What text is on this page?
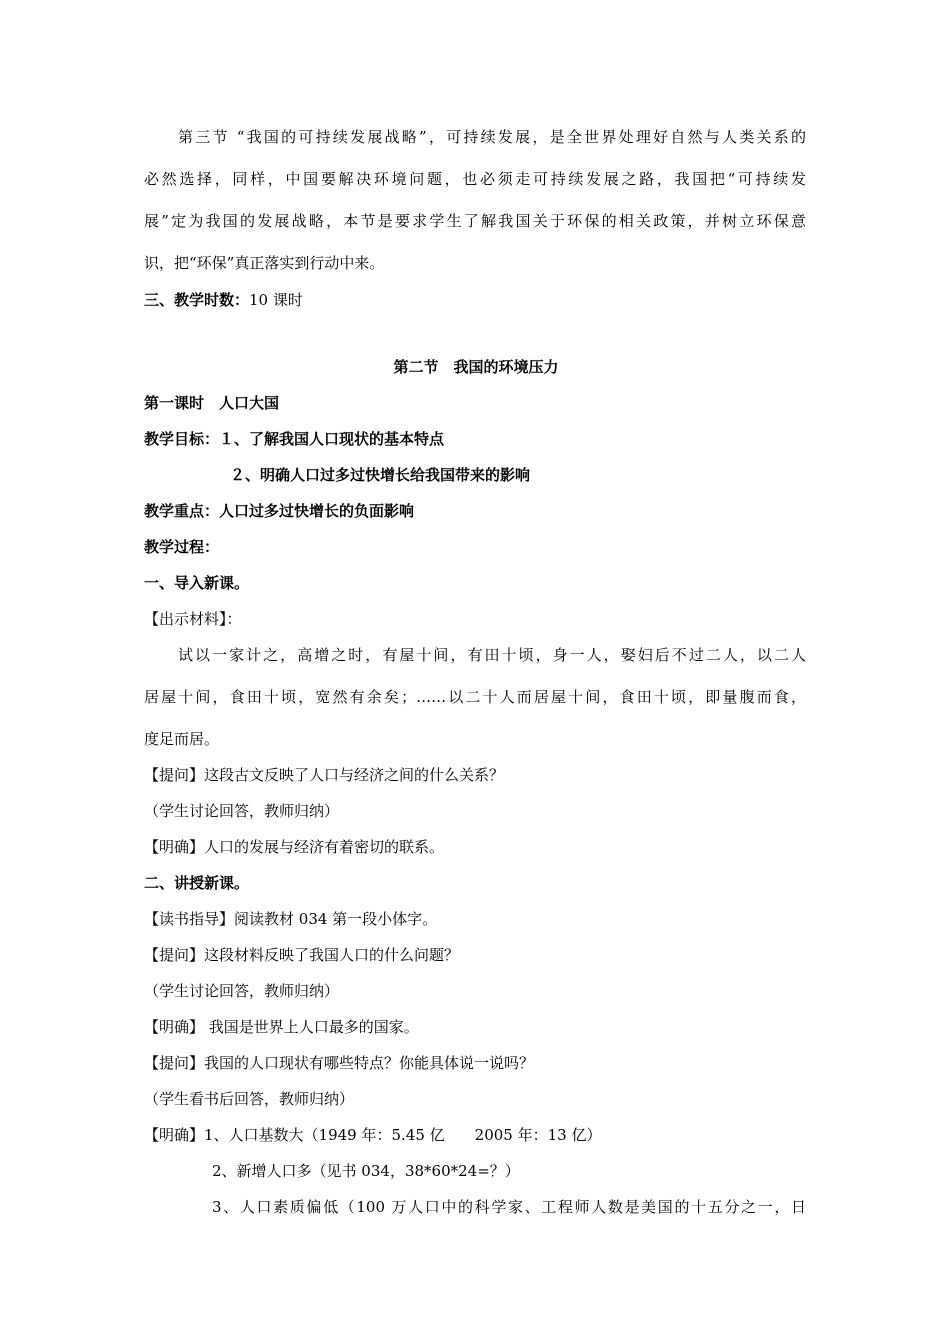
第三节 “我国的可持续发展战略”，可持续发展，是全世界处理好自然与人类关系的
必然选择，同样，中国要解决环境问题，也必须走可持续发展之路，我国把“可持续发
展”定为我国的发展战略，本节是要求学生了解我国关于环保的相关政策，并树立环保意
识，把“环保”真正落实到行动中来。
三、教学时数：10 课时
第二节　我国的环境压力
第一课时　人口大国
教学目标：１、了解我国人口现状的基本特点
２、明确人口过多过快增长给我国带来的影响
教学重点：人口过多过快增长的负面影响
教学过程：
一、导入新课。
【出示材料】：
试以一家计之，高增之时，有屋十间，有田十顷，身一人，娶妇后不过二人，以二人
居屋十间，食田十顷，宽然有余矣；……以二十人而居屋十间，食田十顷，即量腹而食，
度足而居。
【提问】这段古文反映了人口与经济之间的什么关系？
（学生讨论回答，教师归纳）
【明确】人口的发展与经济有着密切的联系。
二、讲授新课。
【读书指导】阅读教材 034 第一段小体字。
【提问】这段材料反映了我国人口的什么问题？
（学生讨论回答，教师归纳）
【明确】 我国是世界上人口最多的国家。
【提问】我国的人口现状有哪些特点？你能具体说一说吗？
（学生看书后回答，教师归纳）
【明确】1、人口基数大（1949 年：5.45 亿　　2005 年：13 亿）
2、新增人口多（见书 034，38*60*24=？）
3、人口素质偏低（100 万人口中的科学家、工程师人数是美国的十五分之一，日
